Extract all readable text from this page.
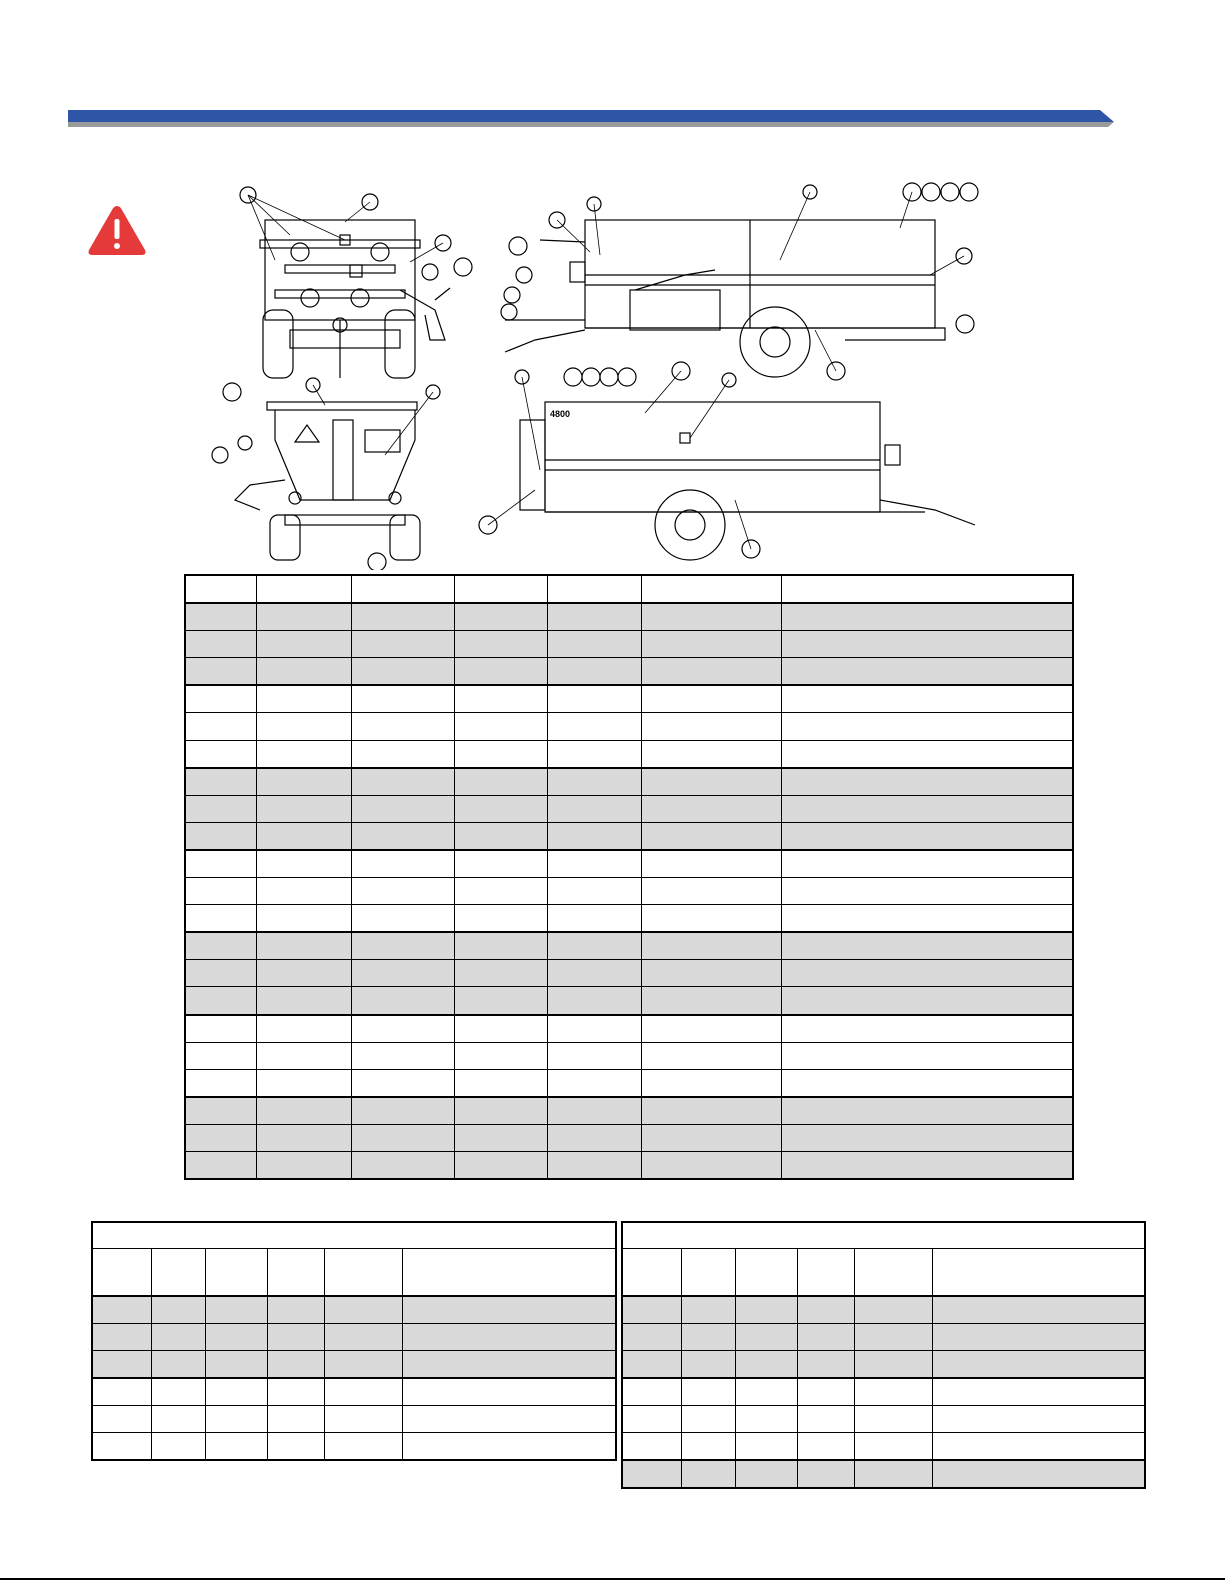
4800
